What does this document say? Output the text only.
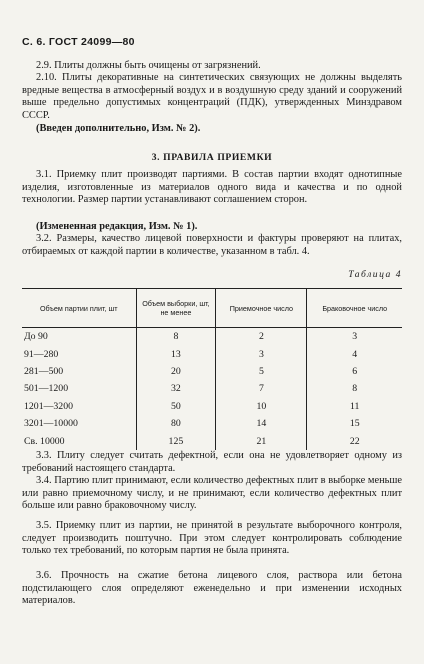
С. 6. ГОСТ 24099—80

2.9. Плиты должны быть очищены от загрязнений.

2.10. Плиты декоративные на синтетических связующих не должны выделять вредные вещества в атмосферный воздух и в воздушную среду зданий и сооружений выше предельно допустимых концентраций (ПДК), утвержденных Минздравом СССР.

(Введен дополнительно, Изм. № 2).

3. ПРАВИЛА ПРИЕМКИ

3.1. Приемку плит производят партиями. В состав партии входят однотипные изделия, изготовленные из материалов одного вида и качества и по одной технологии. Размер партии устанавливают соглашением сторон.

(Измененная редакция, Изм. № 1).

3.2. Размеры, качество лицевой поверхности и фактуры проверяют на плитах, отбираемых от каждой партии в количестве, указанном в табл. 4.

Таблица 4
Объем партии плит, шт	Объем выборки, шт, не менее	Приемочное число	Браковочное число
До 90	8	2	3
91—280	13	3	4
281—500	20	5	6
501—1200	32	7	8
1201—3200	50	10	11
3201—10000	80	14	15
Св. 10000	125	21	22

3.3. Плиту следует считать дефектной, если она не удовлетворяет одному из требований настоящего стандарта.

3.4. Партию плит принимают, если количество дефектных плит в выборке меньше или равно приемочному числу, и не принимают, если количество дефектных плит больше или равно браковочному числу.

3.5. Приемку плит из партии, не принятой в результате выборочного контроля, следует производить поштучно. При этом следует контролировать соблюдение только тех требований, по которым партия не была принята.

3.6. Прочность на сжатие бетона лицевого слоя, раствора или бетона подстилающего слоя определяют еженедельно и при изменении исходных материалов.
